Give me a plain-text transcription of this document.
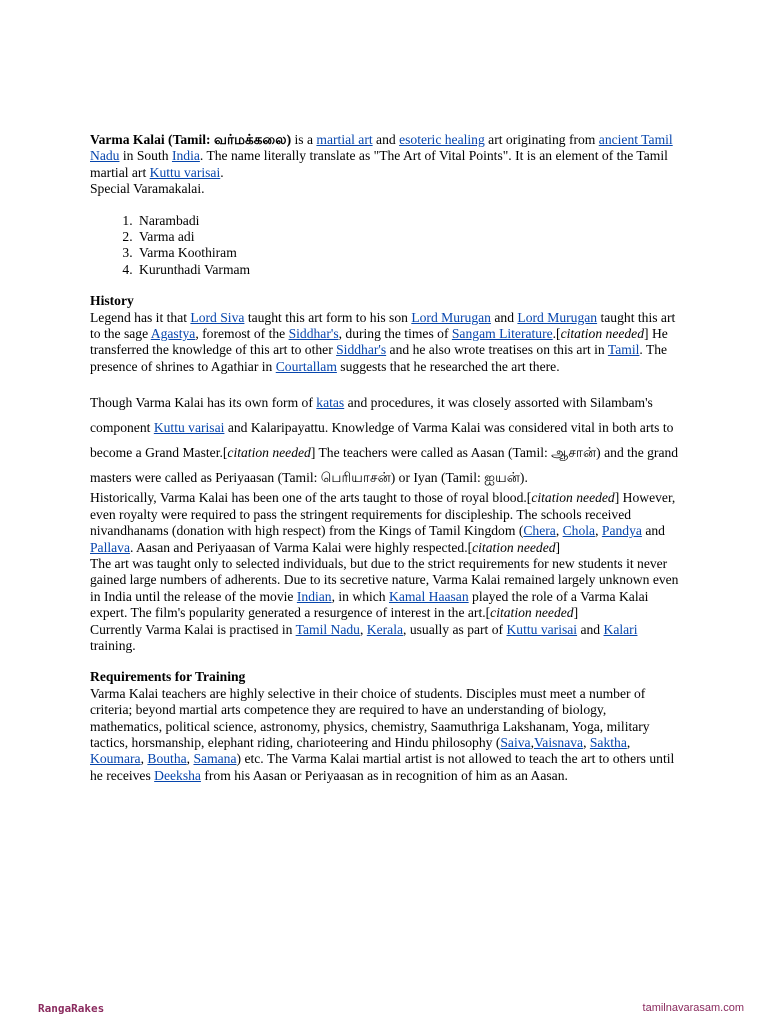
Varma Kalai (Tamil: வர்மக்கலை) is a martial art and esoteric healing art originating from ancient Tamil Nadu in South India. The name literally translate as "The Art of Vital Points". It is an element of the Tamil martial art Kuttu varisai.

Special Varamakalai.

1. Narambadi
2. Varma adi
3. Varma Koothiram
4. Kurunthadi Varmam
History

Legend has it that Lord Siva taught this art form to his son Lord Murugan and Lord Murugan taught this art to the sage Agastya, foremost of the Siddhar's, during the times of Sangam Literature.[citation needed] He transferred the knowledge of this art to other Siddhar's and he also wrote treatises on this art in Tamil. The presence of shrines to Agathiar in Courtallam suggests that he researched the art there.

Though Varma Kalai has its own form of katas and procedures, it was closely assorted with Silambam's component Kuttu varisai and Kalaripayattu. Knowledge of Varma Kalai was considered vital in both arts to become a Grand Master.[citation needed] The teachers were called as Aasan (Tamil: ஆசான்) and the grand masters were called as Periyaasan (Tamil: பெரியாசன்) or Iyan (Tamil: ஐயன்).

Historically, Varma Kalai has been one of the arts taught to those of royal blood.[citation needed] However, even royalty were required to pass the stringent requirements for discipleship. The schools received nivandhanams (donation with high respect) from the Kings of Tamil Kingdom (Chera, Chola, Pandya and Pallava. Aasan and Periyaasan of Varma Kalai were highly respected.[citation needed]

The art was taught only to selected individuals, but due to the strict requirements for new students it never gained large numbers of adherents. Due to its secretive nature, Varma Kalai remained largely unknown even in India until the release of the movie Indian, in which Kamal Haasan played the role of a Varma Kalai expert. The film's popularity generated a resurgence of interest in the art.[citation needed]

Currently Varma Kalai is practised in Tamil Nadu, Kerala, usually as part of Kuttu varisai and Kalari training.

Requirements for Training

Varma Kalai teachers are highly selective in their choice of students. Disciples must meet a number of criteria; beyond martial arts competence they are required to have an understanding of biology, mathematics, political science, astronomy, physics, chemistry, Saamuthriga Lakshanam, Yoga, military tactics, horsmanship, elephant riding, charioteering and Hindu philosophy (Saiva,Vaisnava, Saktha, Koumara, Boutha, Samana) etc. The Varma Kalai martial artist is not allowed to teach the art to others until he receives Deeksha from his Aasan or Periyaasan as in recognition of him as an Aasan.

RangaRakes	tamilnavarasam.com
